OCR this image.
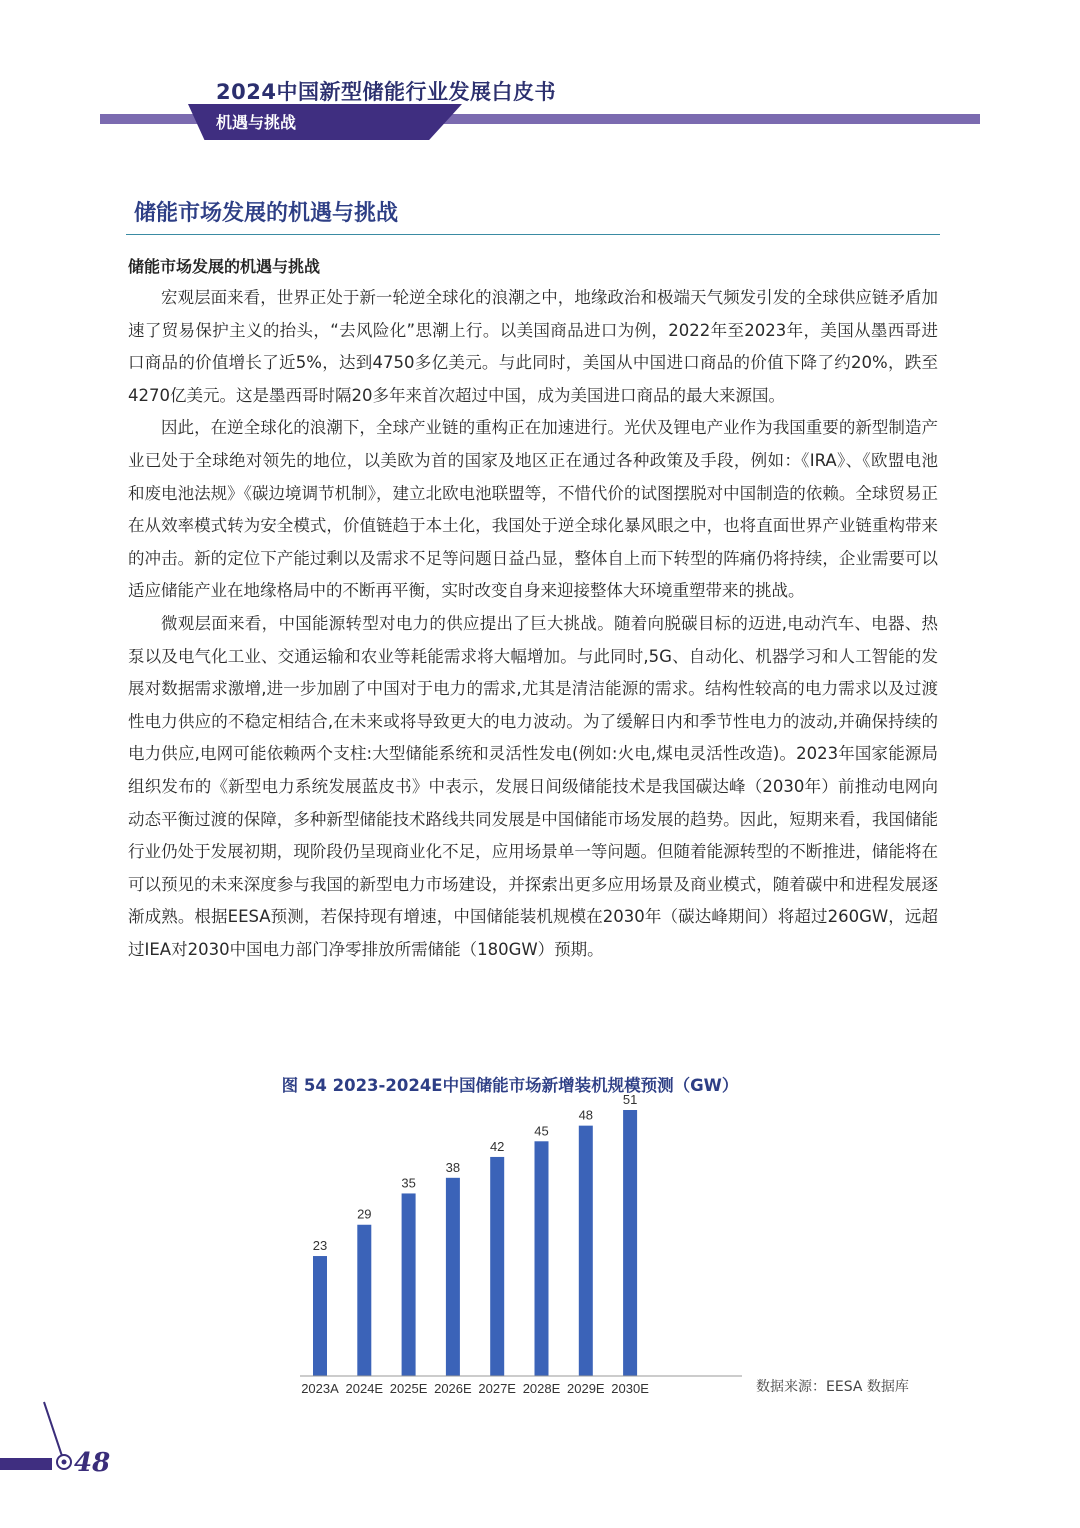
2024中国新型储能行业发展白皮书
机遇与挑战
储能市场发展的机遇与挑战
储能市场发展的机遇与挑战

宏观层面来看，世界正处于新一轮逆全球化的浪潮之中，地缘政治和极端天气频发引发的全球供应链矛盾加速了贸易保护主义的抬头，“去风险化”思潮上行。以美国商品进口为例，2022年至2023年，美国从墨西哥进口商品的价值增长了近5%，达到4750多亿美元。与此同时，美国从中国进口商品的价值下降了约20%，跌至4270亿美元。这是墨西哥时隔20多年来首次超过中国，成为美国进口商品的最大来源国。

因此，在逆全球化的浪潮下，全球产业链的重构正在加速进行。光伏及锂电产业作为我国重要的新型制造产业已处于全球绝对领先的地位，以美欧为首的国家及地区正在通过各种政策及手段，例如：《IRA》、《欧盟电池和废电池法规》《碳边境调节机制》，建立北欧电池联盟等，不惜代价的试图摆脱对中国制造的依赖。全球贸易正在从效率模式转为安全模式，价值链趋于本土化，我国处于逆全球化暴风眼之中，也将直面世界产业链重构带来的冲击。新的定位下产能过剩以及需求不足等问题日益凸显，整体自上而下转型的阵痛仍将持续，企业需要可以适应储能产业在地缘格局中的不断再平衡，实时改变自身来迎接整体大环境重塑带来的挑战。

微观层面来看，中国能源转型对电力的供应提出了巨大挑战。随着向脱碳目标的迈进,电动汽车、电器、热泵以及电气化工业、交通运输和农业等耗能需求将大幅增加。与此同时,5G、自动化、机器学习和人工智能的发展对数据需求激增,进一步加剧了中国对于电力的需求,尤其是清洁能源的需求。结构性较高的电力需求以及过渡性电力供应的不稳定相结合,在未来或将导致更大的电力波动。为了缓解日内和季节性电力的波动,并确保持续的电力供应,电网可能依赖两个支柱:大型储能系统和灵活性发电(例如:火电,煤电灵活性改造)。2023年国家能源局组织发布的《新型电力系统发展蓝皮书》中表示，发展日间级储能技术是我国碳达峰（2030年）前推动电网向动态平衡过渡的保障，多种新型储能技术路线共同发展是中国储能市场发展的趋势。因此，短期来看，我国储能行业仍处于发展初期，现阶段仍呈现商业化不足，应用场景单一等问题。但随着能源转型的不断推进，储能将在可以预见的未来深度参与我国的新型电力市场建设，并探索出更多应用场景及商业模式，随着碳中和进程发展逐渐成熟。根据EESA预测，若保持现有增速，中国储能装机规模在2030年（碳达峰期间）将超过260GW，远超过IEA对2030中国电力部门净零排放所需储能（180GW）预期。

图 54 2023-2024E中国储能市场新增装机规模预测（GW）
23
2023A
29
2024E
35
2025E
38
2026E
42
2027E
45
2028E
48
2029E
51
2030E	数据来源：EESA 数据库
48
